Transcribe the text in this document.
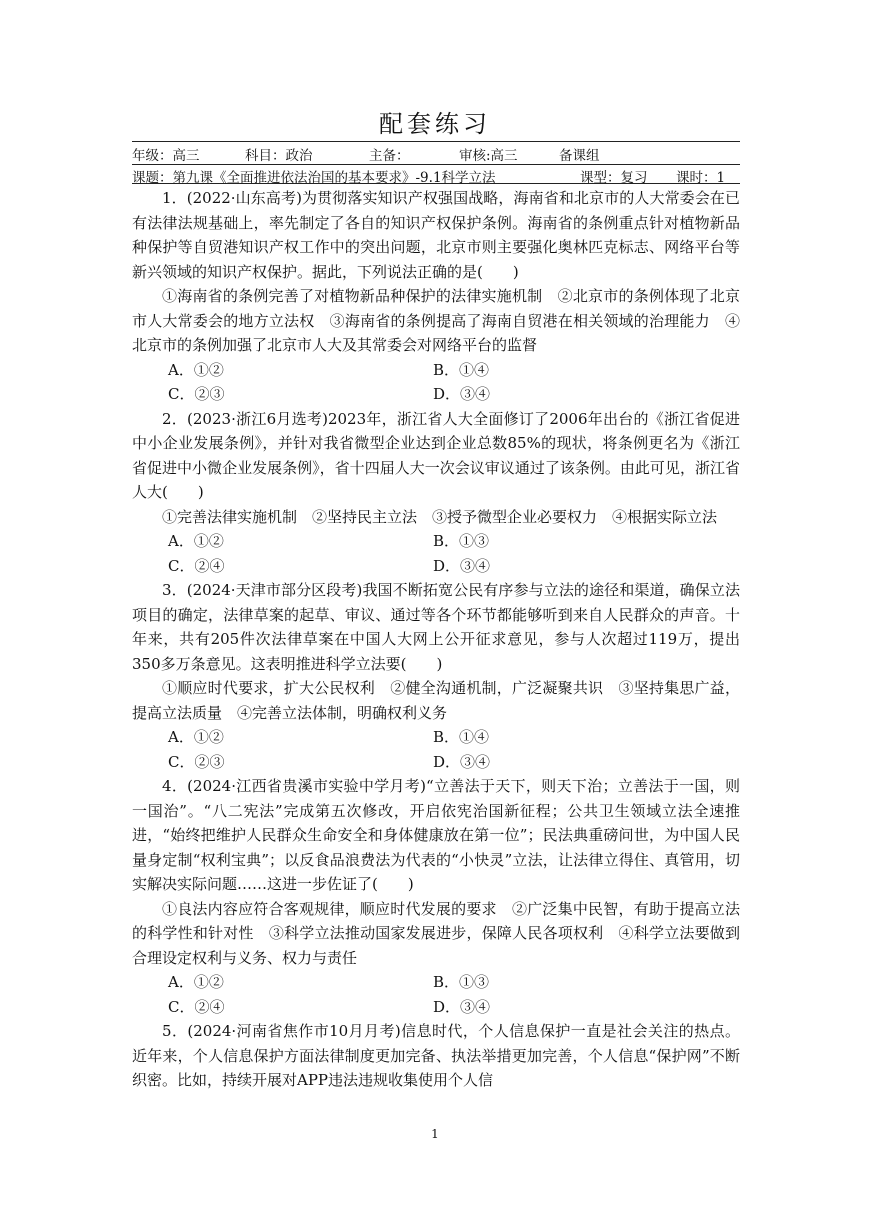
配套练习
年级：高三	科目：政治	主备：	审核:高三	备课组
课题：第九课《全面推进依法治国的基本要求》-9.1科学立法	课型：复习 课时：1

1．(2022·山东高考)为贯彻落实知识产权强国战略，海南省和北京市的人大常委会在已有法律法规基础上，率先制定了各自的知识产权保护条例。海南省的条例重点针对植物新品种保护等自贸港知识产权工作中的突出问题，北京市则主要强化奥林匹克标志、网络平台等新兴领域的知识产权保护。据此，下列说法正确的是(　　)

①海南省的条例完善了对植物新品种保护的法律实施机制　②北京市的条例体现了北京市人大常委会的地方立法权　③海南省的条例提高了海南自贸港在相关领域的治理能力　④北京市的条例加强了北京市人大及其常委会对网络平台的监督

A．①②	B．①④
C．②③	D．③④

2．(2023·浙江6月选考)2023年，浙江省人大全面修订了2006年出台的《浙江省促进中小企业发展条例》，并针对我省微型企业达到企业总数85%的现状，将条例更名为《浙江省促进中小微企业发展条例》，省十四届人大一次会议审议通过了该条例。由此可见，浙江省人大(　　)

①完善法律实施机制　②坚持民主立法　③授予微型企业必要权力　④根据实际立法

A．①②	B．①③
C．②④	D．③④

3．(2024·天津市部分区段考)我国不断拓宽公民有序参与立法的途径和渠道，确保立法项目的确定，法律草案的起草、审议、通过等各个环节都能够听到来自人民群众的声音。十年来，共有205件次法律草案在中国人大网上公开征求意见，参与人次超过119万，提出350多万条意见。这表明推进科学立法要(　　)

①顺应时代要求，扩大公民权利　②健全沟通机制，广泛凝聚共识　③坚持集思广益，提高立法质量　④完善立法体制，明确权利义务

A．①②	B．①④
C．②③	D．③④

4．(2024·江西省贵溪市实验中学月考)“立善法于天下，则天下治；立善法于一国，则一国治”。“八二宪法”完成第五次修改，开启依宪治国新征程；公共卫生领域立法全速推进，“始终把维护人民群众生命安全和身体健康放在第一位”；民法典重磅问世，为中国人民量身定制“权利宝典”；以反食品浪费法为代表的“小快灵”立法，让法律立得住、真管用，切实解决实际问题……这进一步佐证了(　　)

①良法内容应符合客观规律，顺应时代发展的要求　②广泛集中民智，有助于提高立法的科学性和针对性　③科学立法推动国家发展进步，保障人民各项权利　④科学立法要做到合理设定权利与义务、权力与责任

A．①②	B．①③
C．②④	D．③④

5．(2024·河南省焦作市10月月考)信息时代，个人信息保护一直是社会关注的热点。近年来，个人信息保护方面法律制度更加完备、执法举措更加完善，个人信息“保护网”不断织密。比如，持续开展对APP违法违规收集使用个人信

1
